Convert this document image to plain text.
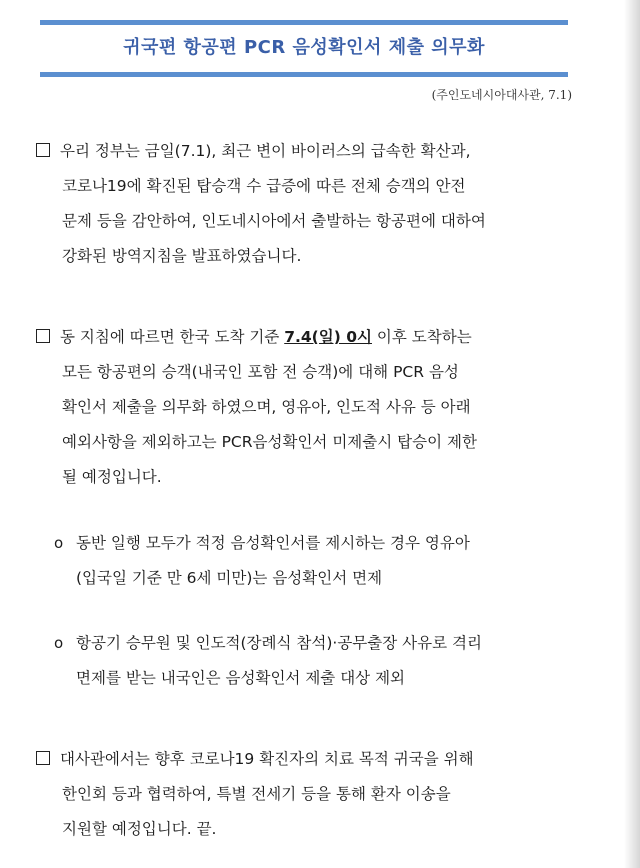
귀국편 항공편 PCR 음성확인서 제출 의무화
(주인도네시아대사관, 7.1)
우리 정부는 금일(7.1), 최근 변이 바이러스의 급속한 확산과,
코로나19에 확진된 탑승객 수 급증에 따른 전체 승객의 안전
문제 등을 감안하여, 인도네시아에서 출발하는 항공편에 대하여
강화된 방역지침을 발표하였습니다.
동 지침에 따르면 한국 도착 기준 7.4(일) 0시 이후 도착하는
모든 항공편의 승객(내국인 포함 전 승객)에 대해 PCR 음성
확인서 제출을 의무화 하였으며, 영유아, 인도적 사유 등 아래
예외사항을 제외하고는 PCR음성확인서 미제출시 탑승이 제한
될 예정입니다.
o 동반 일행 모두가 적정 음성확인서를 제시하는 경우 영유아
(입국일 기준 만 6세 미만)는 음성확인서 면제
o 항공기 승무원 및 인도적(장례식 참석)·공무출장 사유로 격리
면제를 받는 내국인은 음성확인서 제출 대상 제외
대사관에서는 향후 코로나19 확진자의 치료 목적 귀국을 위해
한인회 등과 협력하여, 특별 전세기 등을 통해 환자 이송을
지원할 예정입니다. 끝.
